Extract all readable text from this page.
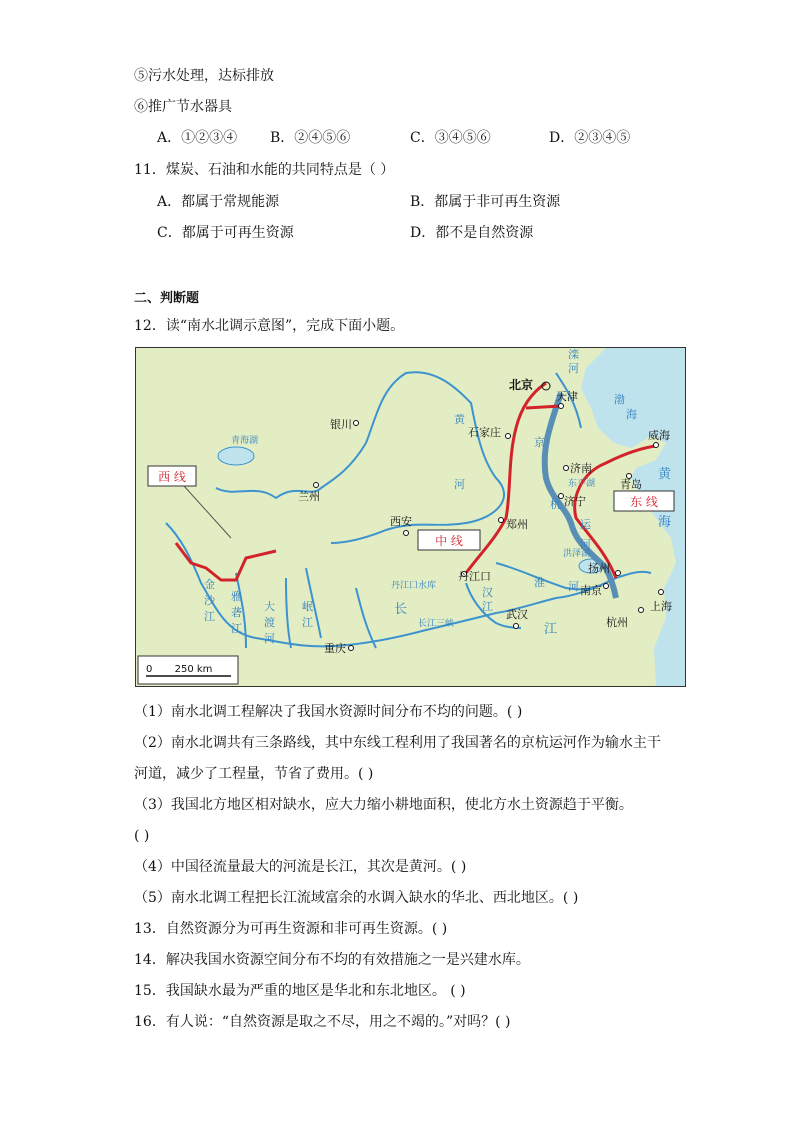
⑤污水处理，达标排放
⑥推广节水器具
A．①②③④ B．②④⑤⑥	C．③④⑤⑥	D．②③④⑤
11．煤炭、石油和水能的共同特点是（ ）
A．都属于常规能源	B．都属于非可再生资源
C．都属于可再生资源	D．都不是自然资源
二、判断题
12．读“南水北调示意图”，完成下面小题。
西 线
中 线
东 线
北京
天津
石家庄
银川
兰州
西安	郑州
济南
济宁
青岛
威海
丹江口
扬州
南京
上海
杭州
武汉
重庆
青海湖
东平湖
洪泽湖
丹江口水库
长江三峡
黄
河
长
江
汉
江
淮 河
金
沙
江
雅
砻
江
大
渡
河
岷
江
滦
河
渤
海
黄
海
京
杭
运
河
0       250 km
（1）南水北调工程解决了我国水资源时间分布不均的问题。( )
（2）南水北调共有三条路线，其中东线工程利用了我国著名的京杭运河作为输水主干
河道，减少了工程量，节省了费用。( )
（3）我国北方地区相对缺水，应大力缩小耕地面积，使北方水土资源趋于平衡。
( )
（4）中国径流量最大的河流是长江，其次是黄河。( )
（5）南水北调工程把长江流域富余的水调入缺水的华北、西北地区。( )
13．自然资源分为可再生资源和非可再生资源。( )
14．解决我国水资源空间分布不均的有效措施之一是兴建水库。
15．我国缺水最为严重的地区是华北和东北地区。 ( )
16．有人说：“自然资源是取之不尽，用之不竭的。”对吗？( )
